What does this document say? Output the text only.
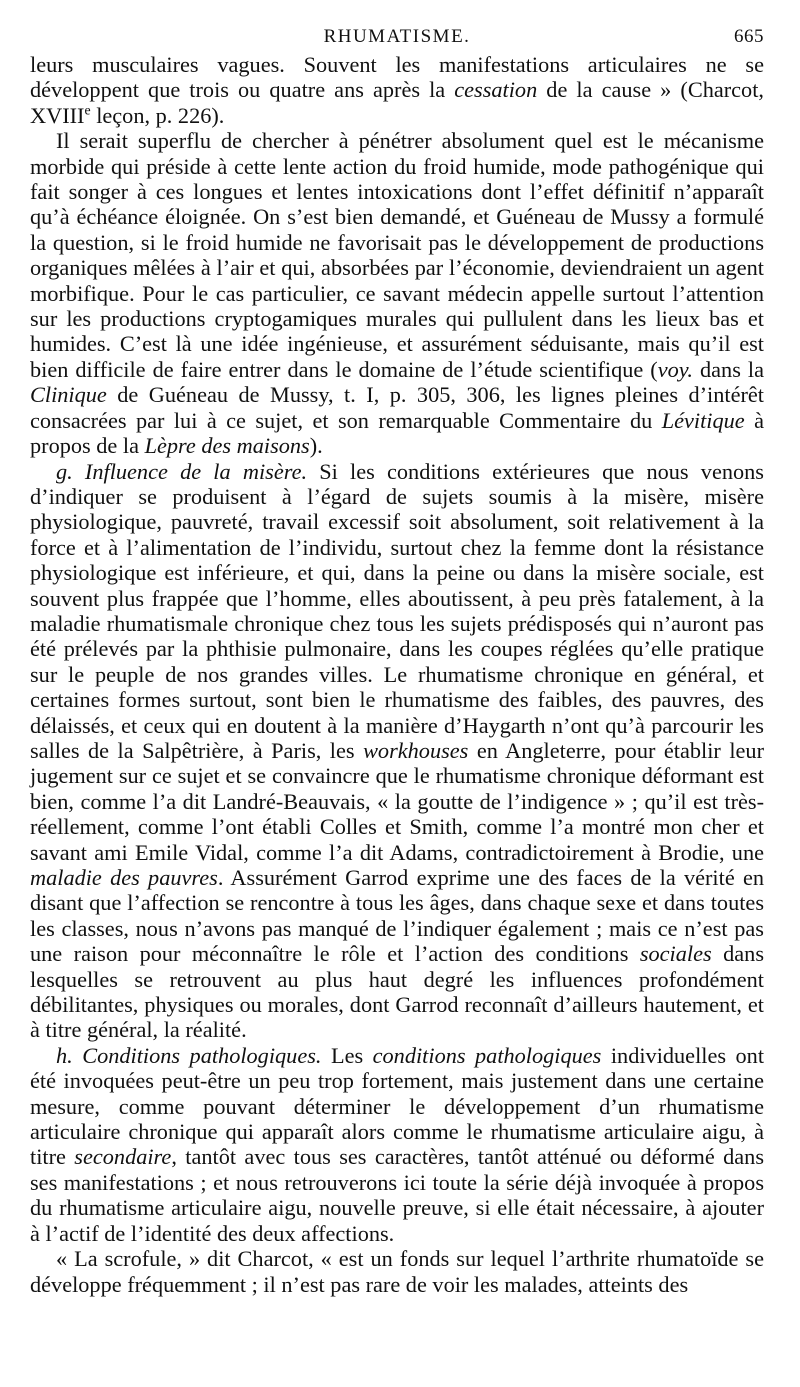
RHUMATISME.	665

leurs musculaires vagues. Souvent les manifestations articulaires ne se développent que trois ou quatre ans après la cessation de la cause » (Charcot, XVIIIe leçon, p. 226).

Il serait superflu de chercher à pénétrer absolument quel est le mécanisme morbide qui préside à cette lente action du froid humide, mode pathogénique qui fait songer à ces longues et lentes intoxications dont l’effet définitif n’apparaît qu’à échéance éloignée. On s’est bien demandé, et Guéneau de Mussy a formulé la question, si le froid humide ne favorisait pas le développement de productions organiques mêlées à l’air et qui, absorbées par l’économie, deviendraient un agent morbifique. Pour le cas particulier, ce savant médecin appelle surtout l’attention sur les productions cryptogamiques murales qui pullulent dans les lieux bas et humides. C’est là une idée ingénieuse, et assurément séduisante, mais qu’il est bien difficile de faire entrer dans le domaine de l’étude scientifique (voy. dans la Clinique de Guéneau de Mussy, t. I, p. 305, 306, les lignes pleines d’intérêt consacrées par lui à ce sujet, et son remarquable Commentaire du Lévitique à propos de la Lèpre des maisons).

g. Influence de la misère. Si les conditions extérieures que nous venons d’indiquer se produisent à l’égard de sujets soumis à la misère, misère physiologique, pauvreté, travail excessif soit absolument, soit relativement à la force et à l’alimentation de l’individu, surtout chez la femme dont la résistance physiologique est inférieure, et qui, dans la peine ou dans la misère sociale, est souvent plus frappée que l’homme, elles aboutissent, à peu près fatalement, à la maladie rhumatismale chronique chez tous les sujets prédisposés qui n’auront pas été prélevés par la phthisie pulmonaire, dans les coupes réglées qu’elle pratique sur le peuple de nos grandes villes. Le rhumatisme chronique en général, et certaines formes surtout, sont bien le rhumatisme des faibles, des pauvres, des délaissés, et ceux qui en doutent à la manière d’Haygarth n’ont qu’à parcourir les salles de la Salpêtrière, à Paris, les workhouses en Angleterre, pour établir leur jugement sur ce sujet et se convaincre que le rhumatisme chronique déformant est bien, comme l’a dit Landré-Beauvais, « la goutte de l’indigence » ; qu’il est très-réellement, comme l’ont établi Colles et Smith, comme l’a montré mon cher et savant ami Emile Vidal, comme l’a dit Adams, contradictoirement à Brodie, une maladie des pauvres. Assurément Garrod exprime une des faces de la vérité en disant que l’affection se rencontre à tous les âges, dans chaque sexe et dans toutes les classes, nous n’avons pas manqué de l’indiquer également ; mais ce n’est pas une raison pour méconnaître le rôle et l’action des conditions sociales dans lesquelles se retrouvent au plus haut degré les influences profondément débilitantes, physiques ou morales, dont Garrod reconnaît d’ailleurs hautement, et à titre général, la réalité.

h. Conditions pathologiques. Les conditions pathologiques individuelles ont été invoquées peut-être un peu trop fortement, mais justement dans une certaine mesure, comme pouvant déterminer le développement d’un rhumatisme articulaire chronique qui apparaît alors comme le rhumatisme articulaire aigu, à titre secondaire, tantôt avec tous ses caractères, tantôt atténué ou déformé dans ses manifestations ; et nous retrouverons ici toute la série déjà invoquée à propos du rhumatisme articulaire aigu, nouvelle preuve, si elle était nécessaire, à ajouter à l’actif de l’identité des deux affections.

« La scrofule, » dit Charcot, « est un fonds sur lequel l’arthrite rhumatoïde se développe fréquemment ; il n’est pas rare de voir les malades, atteints des
